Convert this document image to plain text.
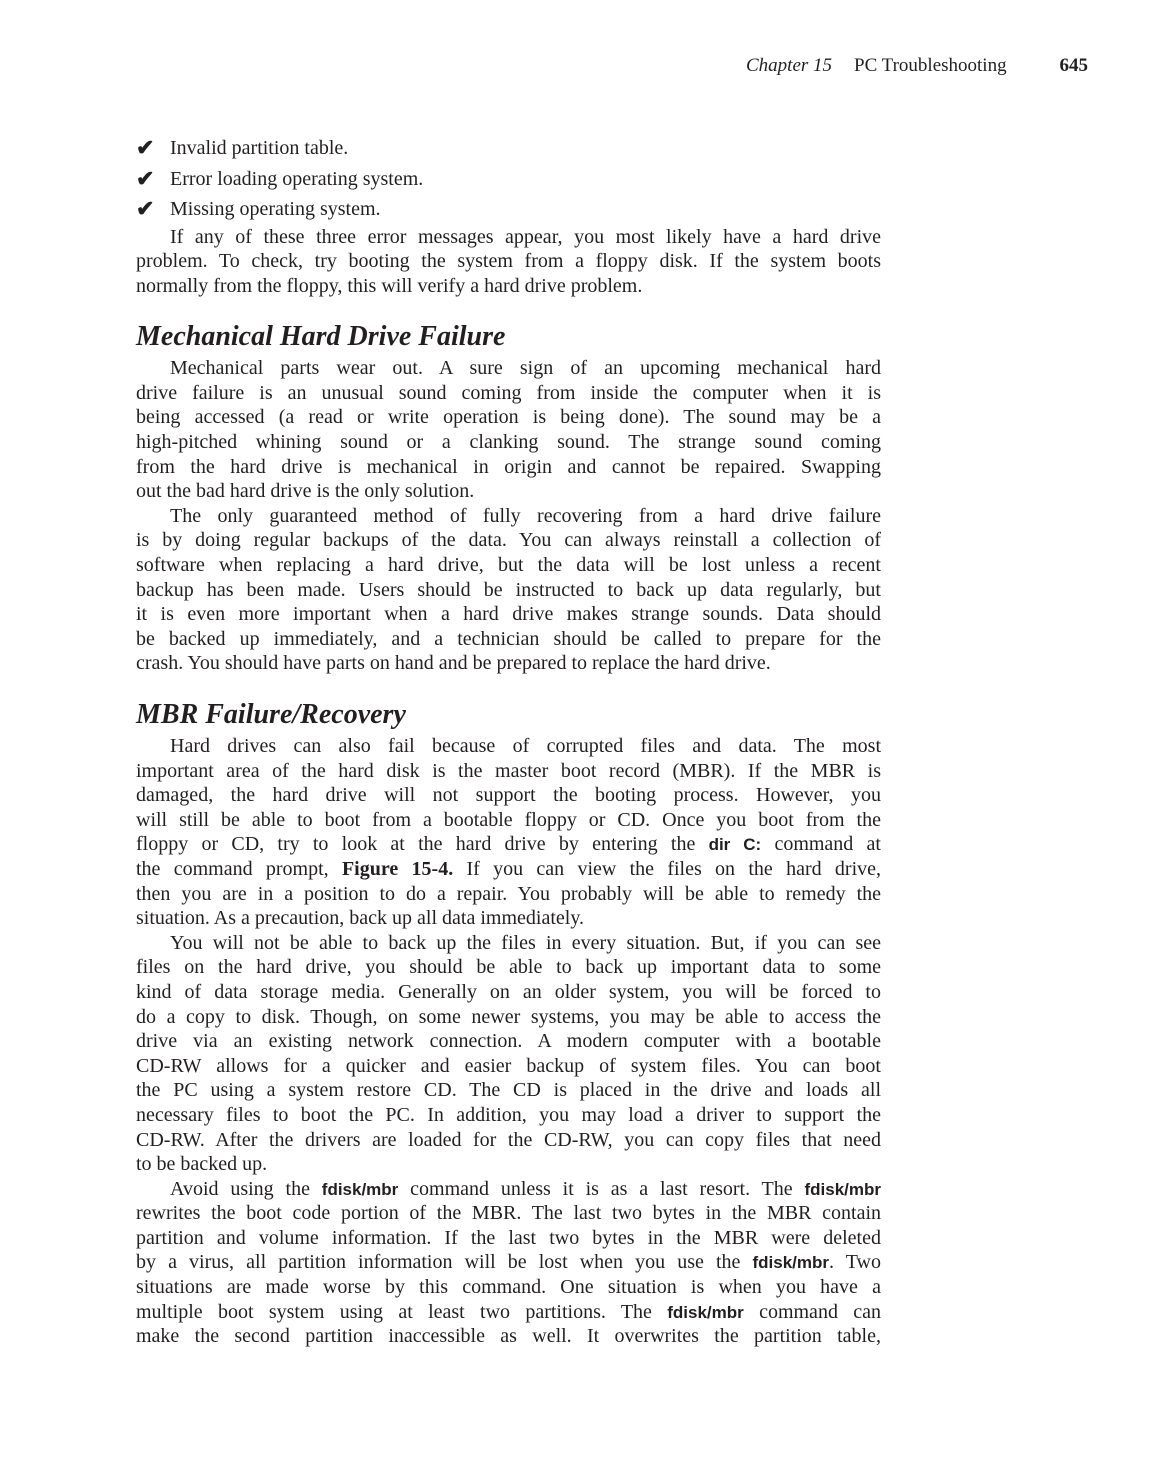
Chapter 15 PC Troubleshooting	645
✔ Invalid partition table.
✔ Error loading operating system.
✔ Missing operating system.
If any of these three error messages appear, you most likely have a hard drive
problem. To check, try booting the system from a floppy disk. If the system boots
normally from the floppy, this will verify a hard drive problem.
Mechanical Hard Drive Failure
Mechanical parts wear out. A sure sign of an upcoming mechanical hard
drive failure is an unusual sound coming from inside the computer when it is
being accessed (a read or write operation is being done). The sound may be a
high-pitched whining sound or a clanking sound. The strange sound coming
from the hard drive is mechanical in origin and cannot be repaired. Swapping
out the bad hard drive is the only solution.
The only guaranteed method of fully recovering from a hard drive failure
is by doing regular backups of the data. You can always reinstall a collection of
software when replacing a hard drive, but the data will be lost unless a recent
backup has been made. Users should be instructed to back up data regularly, but
it is even more important when a hard drive makes strange sounds. Data should
be backed up immediately, and a technician should be called to prepare for the
crash. You should have parts on hand and be prepared to replace the hard drive.
MBR Failure/Recovery
Hard drives can also fail because of corrupted files and data. The most
important area of the hard disk is the master boot record (MBR). If the MBR is
damaged, the hard drive will not support the booting process. However, you
will still be able to boot from a bootable floppy or CD. Once you boot from the
floppy or CD, try to look at the hard drive by entering the dir C: command at
the command prompt, Figure 15-4. If you can view the files on the hard drive,
then you are in a position to do a repair. You probably will be able to remedy the
situation. As a precaution, back up all data immediately.
You will not be able to back up the files in every situation. But, if you can see
files on the hard drive, you should be able to back up important data to some
kind of data storage media. Generally on an older system, you will be forced to
do a copy to disk. Though, on some newer systems, you may be able to access the
drive via an existing network connection. A modern computer with a bootable
CD-RW allows for a quicker and easier backup of system files. You can boot
the PC using a system restore CD. The CD is placed in the drive and loads all
necessary files to boot the PC. In addition, you may load a driver to support the
CD-RW. After the drivers are loaded for the CD-RW, you can copy files that need
to be backed up.
Avoid using the fdisk/mbr command unless it is as a last resort. The fdisk/mbr
rewrites the boot code portion of the MBR. The last two bytes in the MBR contain
partition and volume information. If the last two bytes in the MBR were deleted
by a virus, all partition information will be lost when you use the fdisk/mbr. Two
situations are made worse by this command. One situation is when you have a
multiple boot system using at least two partitions. The fdisk/mbr command can
make the second partition inaccessible as well. It overwrites the partition table,
